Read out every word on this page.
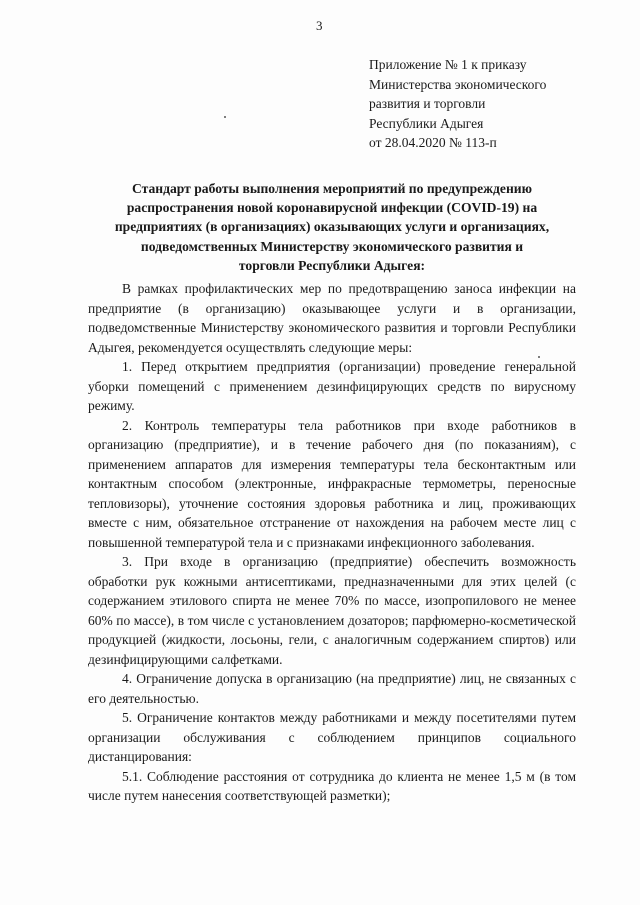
3
Приложение № 1 к приказу
Министерства экономического
развития и торговли
Республики Адыгея
от 28.04.2020 № 113-п
Стандарт работы выполнения мероприятий по предупреждению
распространения новой коронавирусной инфекции (COVID-19) на
предприятиях (в организациях) оказывающих услуги и организациях,
подведомственных Министерству экономического развития и
торговли Республики Адыгея:

В рамках профилактических мер по предотвращению заноса инфекции на предприятие (в организацию) оказывающее услуги и в организации, подведомственные Министерству экономического развития и торговли Республики Адыгея, рекомендуется осуществлять следующие меры:

1. Перед открытием предприятия (организации) проведение генеральной уборки помещений с применением дезинфицирующих средств по вирусному режиму.

2. Контроль температуры тела работников при входе работников в организацию (предприятие), и в течение рабочего дня (по показаниям), с применением аппаратов для измерения температуры тела бесконтактным или контактным способом (электронные, инфракрасные термометры, переносные тепловизоры), уточнение состояния здоровья работника и лиц, проживающих вместе с ним, обязательное отстранение от нахождения на рабочем месте лиц с повышенной температурой тела и с признаками инфекционного заболевания.

3. При входе в организацию (предприятие) обеспечить возможность обработки рук кожными антисептиками, предназначенными для этих целей (с содержанием этилового спирта не менее 70% по массе, изопропилового не менее 60% по массе), в том числе с установлением дозаторов; парфюмерно-косметической продукцией (жидкости, лосьоны, гели, с аналогичным содержанием спиртов) или дезинфицирующими салфетками.

4. Ограничение допуска в организацию (на предприятие) лиц, не связанных с его деятельностью.

5. Ограничение контактов между работниками и между посетителями путем организации обслуживания с соблюдением принципов социального дистанцирования:

5.1. Соблюдение расстояния от сотрудника до клиента не менее 1,5 м (в том числе путем нанесения соответствующей разметки);
